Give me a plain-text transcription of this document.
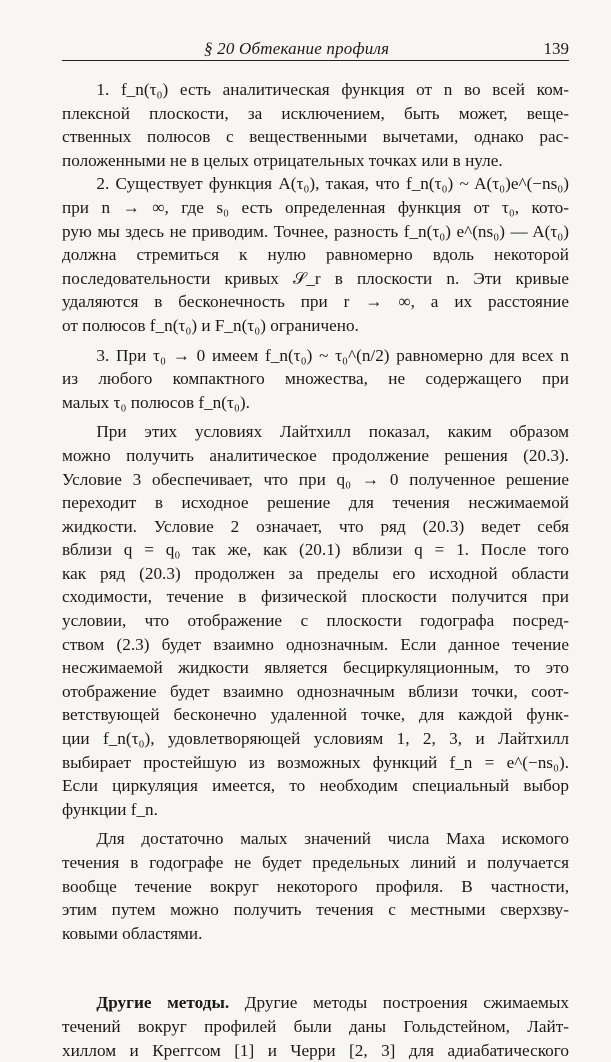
§ 20 Обтекание профиля	139
1. f_n(τ₀) есть аналитическая функция от n во всей ком-
плексной плоскости, за исключением, быть может, веще-
ственных полюсов с вещественными вычетами, однако рас-
положенными не в целых отрицательных точках или в нуле.
2. Существует функция A(τ₀), такая, что f_n(τ₀) ~ A(τ₀)e^(−ns₀)
при n → ∞, где s₀ есть определенная функция от τ₀, кото-
рую мы здесь не приводим. Точнее, разность f_n(τ₀) e^(ns₀) — A(τ₀)
должна стремиться к нулю равномерно вдоль некоторой
последовательности кривых 𝒮_r в плоскости n. Эти кривые
удаляются в бесконечность при r → ∞, а их расстояние
от полюсов f_n(τ₀) и F_n(τ₀) ограничено.
3. При τ₀ → 0 имеем f_n(τ₀) ~ τ₀^(n/2) равномерно для всех n
из любого компактного множества, не содержащего при
малых τ₀ полюсов f_n(τ₀).
При этих условиях Лайтхилл показал, каким образом
можно получить аналитическое продолжение решения (20.3).
Условие 3 обеспечивает, что при q₀ → 0 полученное решение
переходит в исходное решение для течения несжимаемой
жидкости. Условие 2 означает, что ряд (20.3) ведет себя
вблизи q = q₀ так же, как (20.1) вблизи q = 1. После того
как ряд (20.3) продолжен за пределы его исходной области
сходимости, течение в физической плоскости получится при
условии, что отображение с плоскости годографа посред-
ством (2.3) будет взаимно однозначным. Если данное течение
несжимаемой жидкости является бесциркуляционным, то это
отображение будет взаимно однозначным вблизи точки, соот-
ветствующей бесконечно удаленной точке, для каждой функ-
ции f_n(τ₀), удовлетворяющей условиям 1, 2, 3, и Лайтхилл
выбирает простейшую из возможных функций f_n = e^(−ns₀).
Если циркуляция имеется, то необходим специальный выбор
функции f_n.
Для достаточно малых значений числа Маха искомого
течения в годографе не будет предельных линий и получается
вообще течение вокруг некоторого профиля. В частности,
этим путем можно получить течения с местными сверхзву-
ковыми областями.
Другие методы. Другие методы построения сжимаемых
течений вокруг профилей были даны Гольдстейном, Лайт-
хиллом и Креггсом [1] и Черри [2, 3] для адиабатического
